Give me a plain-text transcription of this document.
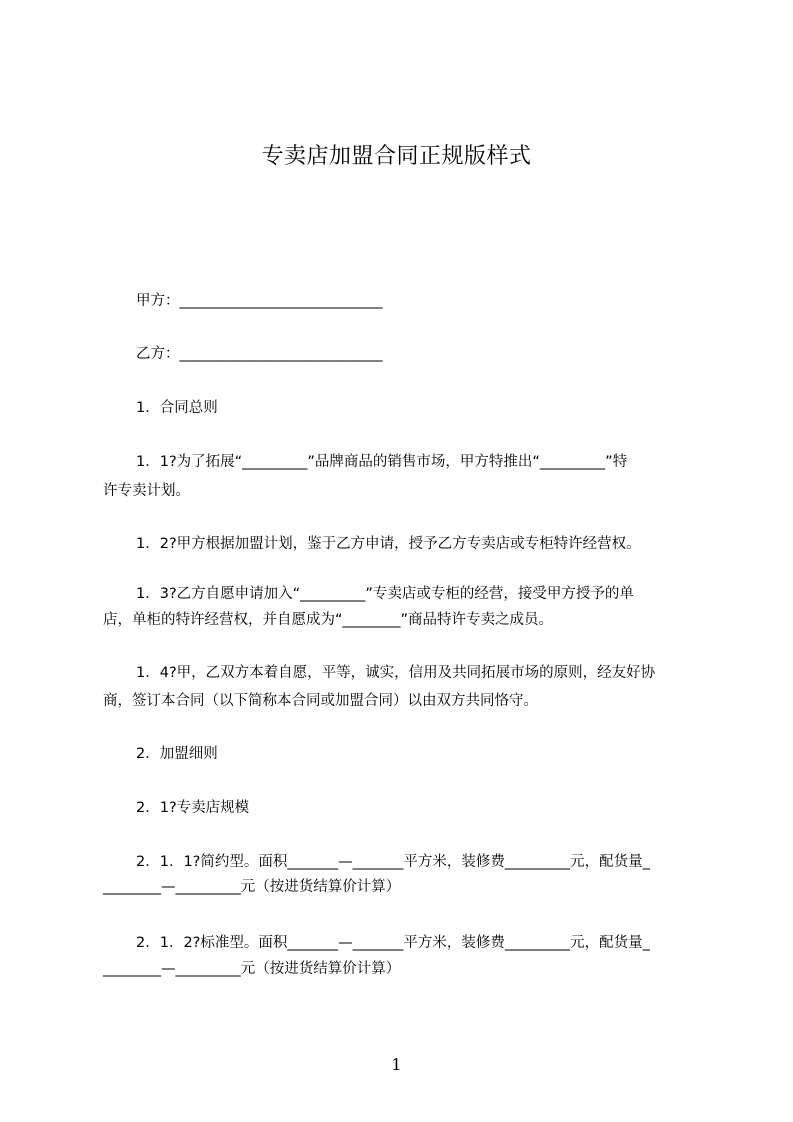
专卖店加盟合同正规版样式
甲方：____________________________
乙方：____________________________
1．合同总则
1．1?为了拓展“_________”品牌商品的销售市场，甲方特推出“_________”特
许专卖计划。
1．2?甲方根据加盟计划，鉴于乙方申请，授予乙方专卖店或专柜特许经营权。
1．3?乙方自愿申请加入“_________”专卖店或专柜的经营，接受甲方授予的单
店，单柜的特许经营权，并自愿成为“________”商品特许专卖之成员。
1．4?甲，乙双方本着自愿，平等，诚实，信用及共同拓展市场的原则，经友好协
商，签订本合同（以下简称本合同或加盟合同）以由双方共同恪守。
2．加盟细则
2．1?专卖店规模
2．1．1?简约型。面积_______—_______平方米，装修费_________元，配货量_
________—_________元（按进货结算价计算）
2．1．2?标准型。面积_______—_______平方米，装修费_________元，配货量_
________—_________元（按进货结算价计算）
1
